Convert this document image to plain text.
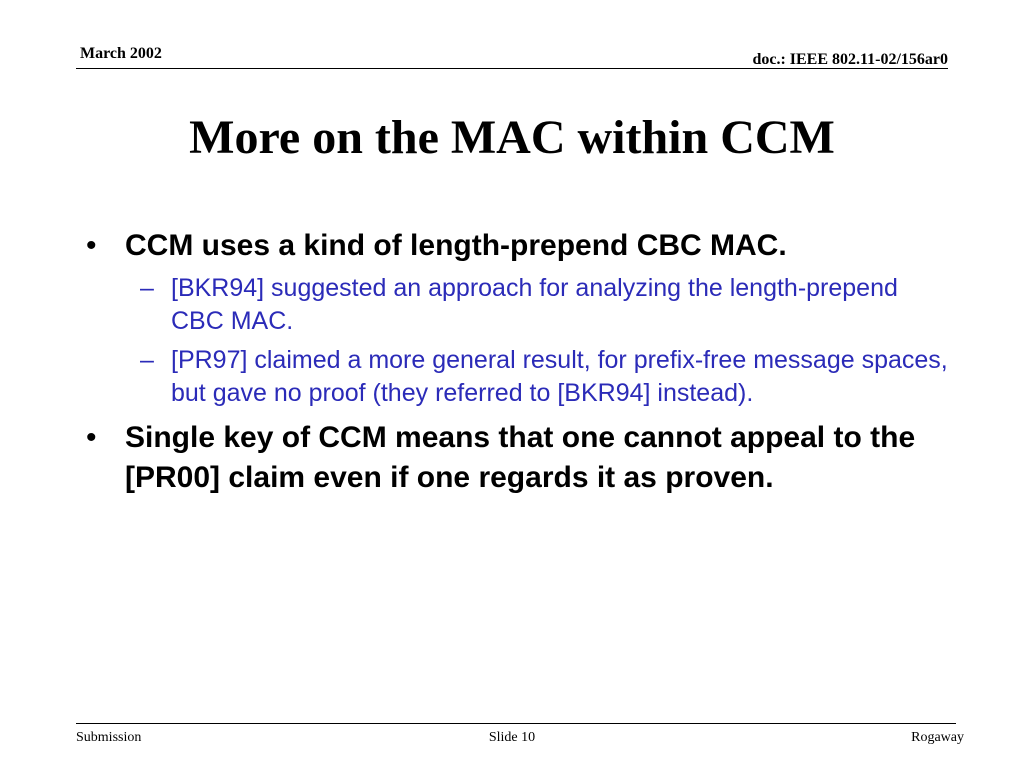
March 2002	doc.: IEEE 802.11-02/156ar0
More on the MAC within CCM
• CCM uses a kind of length-prepend CBC MAC.
– [BKR94] suggested an approach for analyzing the length-prepend CBC MAC.
– [PR97] claimed a more general result, for prefix-free message spaces, but gave no proof (they referred to [BKR94] instead).
• Single key of CCM means that one cannot appeal to the [PR00] claim even if one regards it as proven.
Submission	Slide 10	Rogaway
